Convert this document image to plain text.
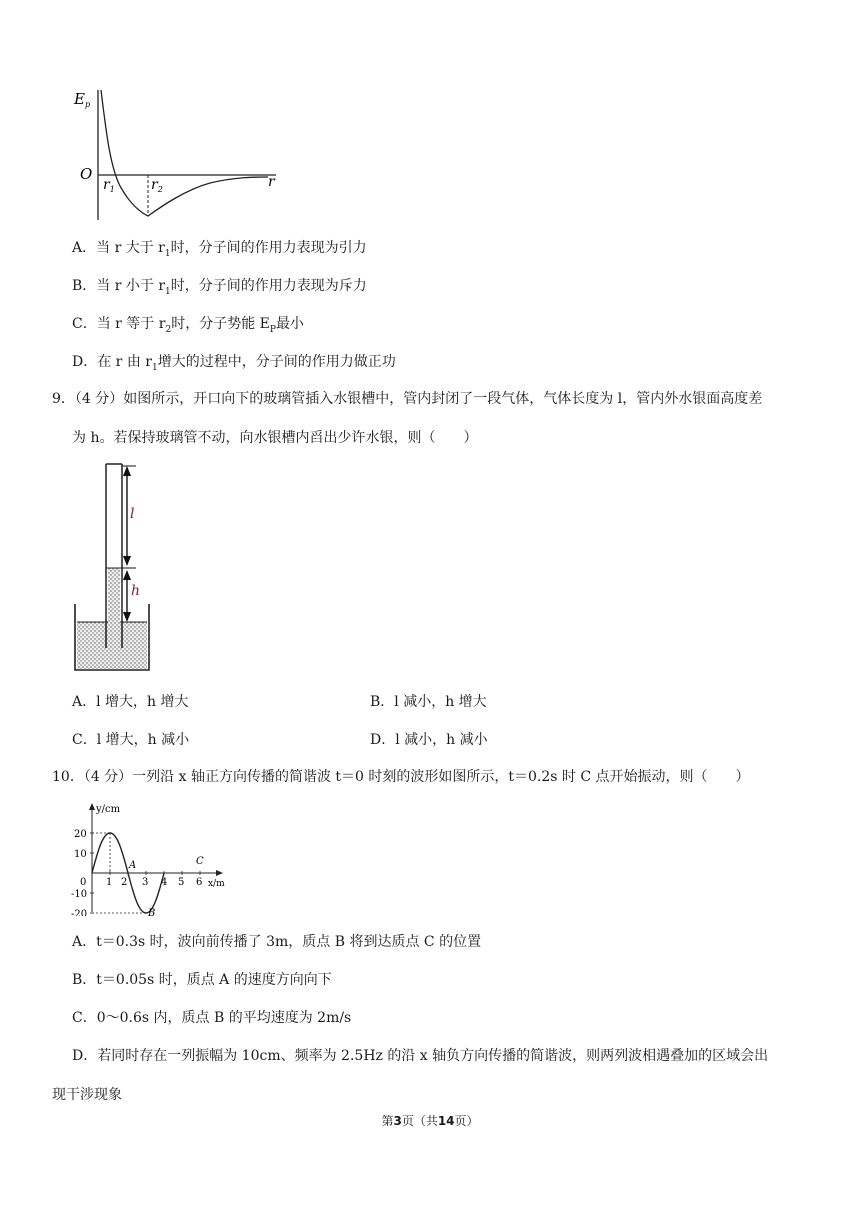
$E_p$
O
$r_1$	$r_2$	r
A．当 r 大于 $r_1$时，分子间的作用力表现为引力
B．当 r 小于 $r_1$时，分子间的作用力表现为斥力
C．当 r 等于 $r_2$时，分子势能 $E_P$最小
D．在 r 由 $r_1$增大的过程中，分子间的作用力做正功
9．（4 分）如图所示，开口向下的玻璃管插入水银槽中，管内封闭了一段气体，气体长度为 l，管内外水银面高度差
为 h。若保持玻璃管不动，向水银槽内舀出少许水银，则（　　）
l
h
A．l 增大，h 增大	B．l 减小，h 增大
C．l 增大，h 减小	D．l 减小，h 减小
10．（4 分）一列沿 x 轴正方向传播的简谐波 t＝0 时刻的波形如图所示，t＝0.2s 时 C 点开始振动，则（　　）
y/cm
x/m
20
10
0
-10
-20
1 2 3 4 5 6
A
B
C
A．t＝0.3s 时，波向前传播了 3m，质点 B 将到达质点 C 的位置
B．t＝0.05s 时，质点 A 的速度方向向下
C．0～0.6s 内，质点 B 的平均速度为 2m/s
D．若同时存在一列振幅为 10cm、频率为 2.5Hz 的沿 x 轴负方向传播的简谐波，则两列波相遇叠加的区域会出
现干涉现象
第3页（共14页）
